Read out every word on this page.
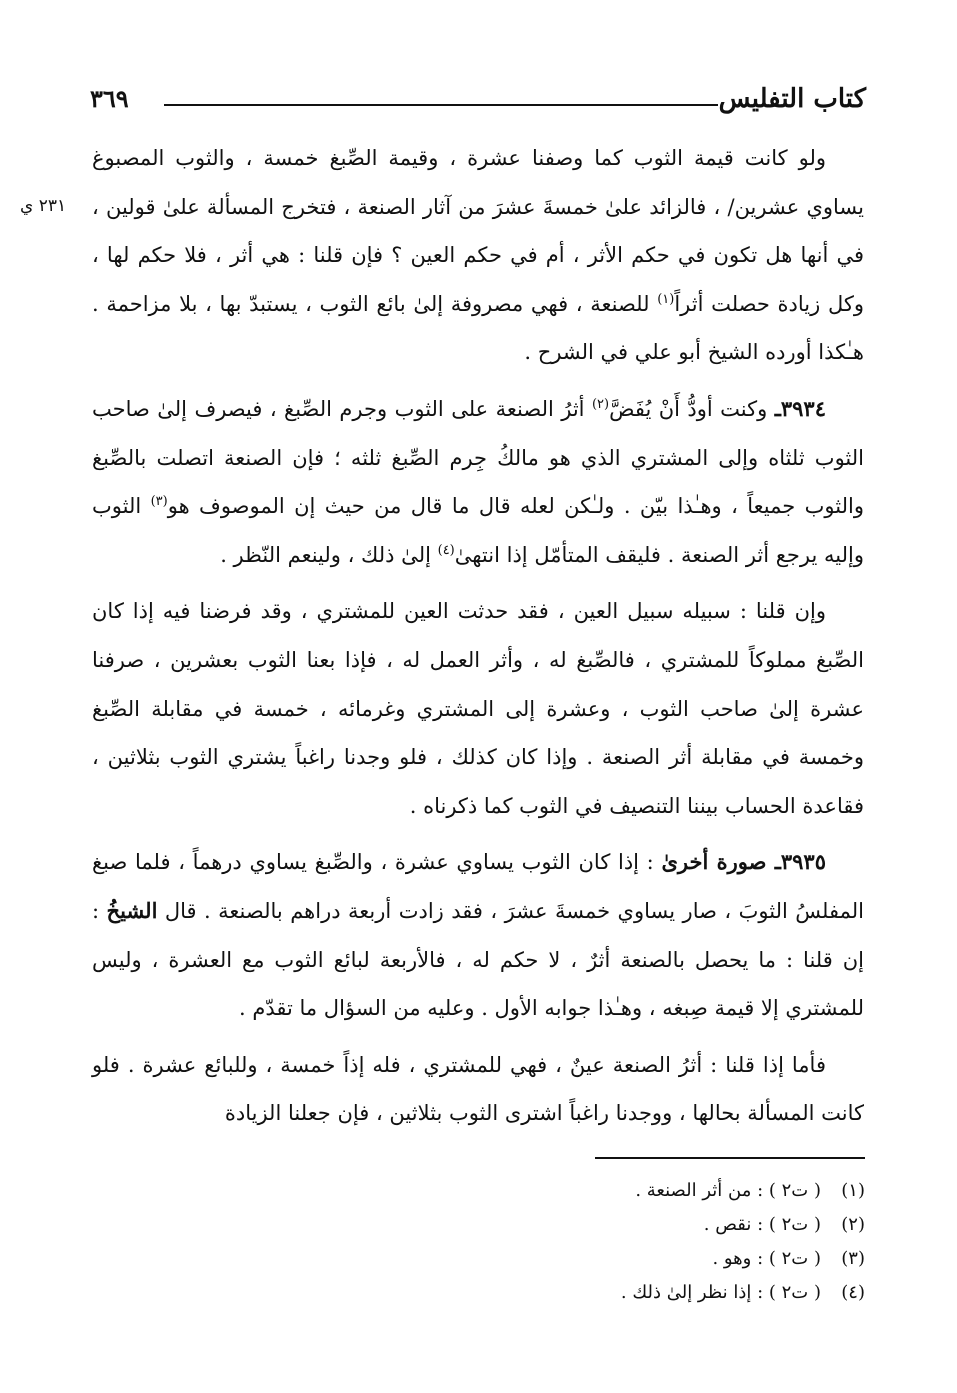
كتاب التفليس
٣٦٩
٢٣١ ي

ولو كانت قيمة الثوب كما وصفنا عشرة ، وقيمة الصِّبغ خمسة ، والثوب المصبوغ يساوي عشرين/ ، فالزائد علىٰ خمسةَ عشرَ من آثار الصنعة ، فتخرج المسألة علىٰ قولين ، في أنها هل تكون في حكم الأثر ، أم في حكم العين ؟ فإن قلنا : هي أثر ، فلا حكم لها ، وكل زيادة حصلت أثراً$^{(١)}$ للصنعة ، فهي مصروفة إلىٰ بائع الثوب ، يستبدّ بها ، بلا مزاحمة . هـٰكذا أورده الشيخ أبو علي في الشرح .

٣٩٣٤ـ وكنت أودُّ أَنْ يُفَضَّ$^{(٢)}$ أثرُ الصنعة على الثوب وجرم الصِّبغ ، فيصرف إلىٰ صاحب الثوب ثلثاه وإلى المشتري الذي هو مالكُ جِرم الصِّبغ ثلثه ؛ فإن الصنعة اتصلت بالصِّبغ والثوب جميعاً ، وهـٰذا بيّن . ولـٰكن لعله قال ما قال من حيث إن الموصوف هو$^{(٣)}$ الثوب وإليه يرجع أثر الصنعة . فليقف المتأمّل إذا انتهىٰ$^{(٤)}$ إلىٰ ذلك ، ولينعم النّظر .

وإن قلنا : سبيله سبيل العين ، فقد حدثت العين للمشتري ، وقد فرضنا فيه إذا كان الصِّبغ مملوكاً للمشتري ، فالصِّبغ له ، وأثر العمل له ، فإذا بعنا الثوب بعشرين ، صرفنا عشرة إلىٰ صاحب الثوب ، وعشرة إلى المشتري وغرمائه ، خمسة في مقابلة الصِّبغ وخمسة في مقابلة أثر الصنعة . وإذا كان كذلك ، فلو وجدنا راغباً يشتري الثوب بثلاثين ، فقاعدة الحساب بيننا التنصيف في الثوب كما ذكرناه .

٣٩٣٥ـ صورة أخرىٰ : إذا كان الثوب يساوي عشرة ، والصِّبغ يساوي درهماً ، فلما صبغ المفلسُ الثوبَ ، صار يساوي خمسةَ عشرَ ، فقد زادت أربعة دراهم بالصنعة . قال الشيخُ : إن قلنا : ما يحصل بالصنعة أثرٌ ، لا حكم له ، فالأربعة لبائع الثوب مع العشرة ، وليس للمشتري إلا قيمة صِبغه ، وهـٰذا جوابه الأول . وعليه من السؤال ما تقدّم .

فأما إذا قلنا : أثرُ الصنعة عينٌ ، فهي للمشتري ، فله إذاً خمسة ، وللبائع عشرة . فلو كانت المسألة بحالها ، ووجدنا راغباً اشترى الثوب بثلاثين ، فإن جعلنا الزيادة

(١)( ت٢ ) : من أثر الصنعة .
(٢)( ت٢ ) : نقص .
(٣)( ت٢ ) : وهو .
(٤)( ت٢ ) : إذا نظر إلىٰ ذلك .
